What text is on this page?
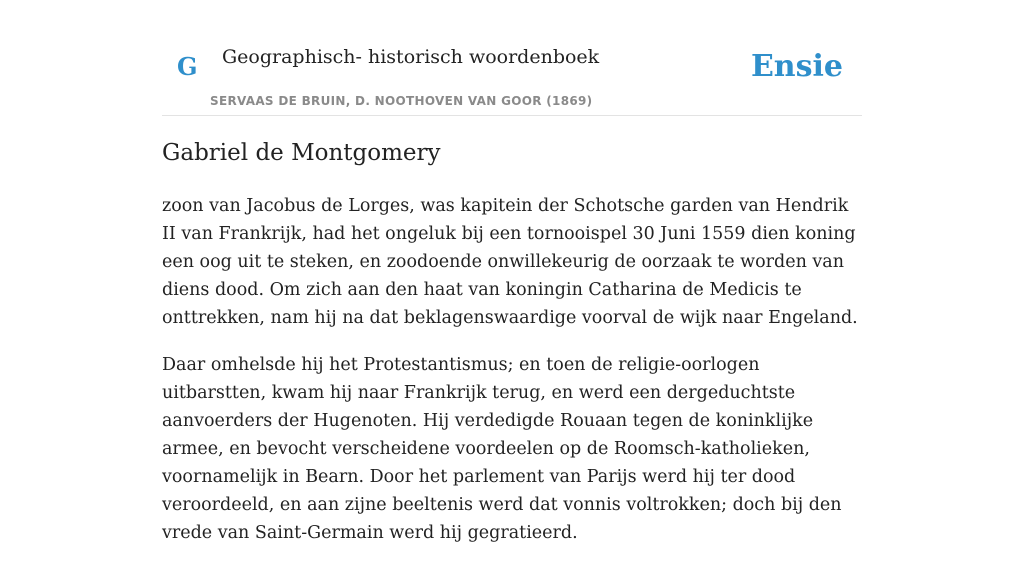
G Geographisch- historisch woordenboek
SERVAAS DE BRUIN, D. NOOTHOVEN VAN GOOR (1869)
Ensie
Gabriel de Montgomery

zoon van Jacobus de Lorges, was kapitein der Schotsche garden van Hendrik II van Frankrijk, had het ongeluk bij een tornooispel 30 Juni 1559 dien koning een oog uit te steken, en zoodoende onwillekeurig de oorzaak te worden van diens dood. Om zich aan den haat van koningin Catharina de Medicis te onttrekken, nam hij na dat beklagenswaardige voorval de wijk naar Engeland.

Daar omhelsde hij het Protestantismus; en toen de religie-oorlogen uitbarstten, kwam hij naar Frankrijk terug, en werd een dergeduchtste aanvoerders der Hugenoten. Hij verdedigde Rouaan tegen de koninklijke armee, en bevocht verscheidene voordeelen op de Roomsch-katholieken, voornamelijk in Bearn. Door het parlement van Parijs werd hij ter dood veroordeeld, en aan zijne beeltenis werd dat vonnis voltrokken; doch bij den vrede van Saint-Germain werd hij gegratieerd.
